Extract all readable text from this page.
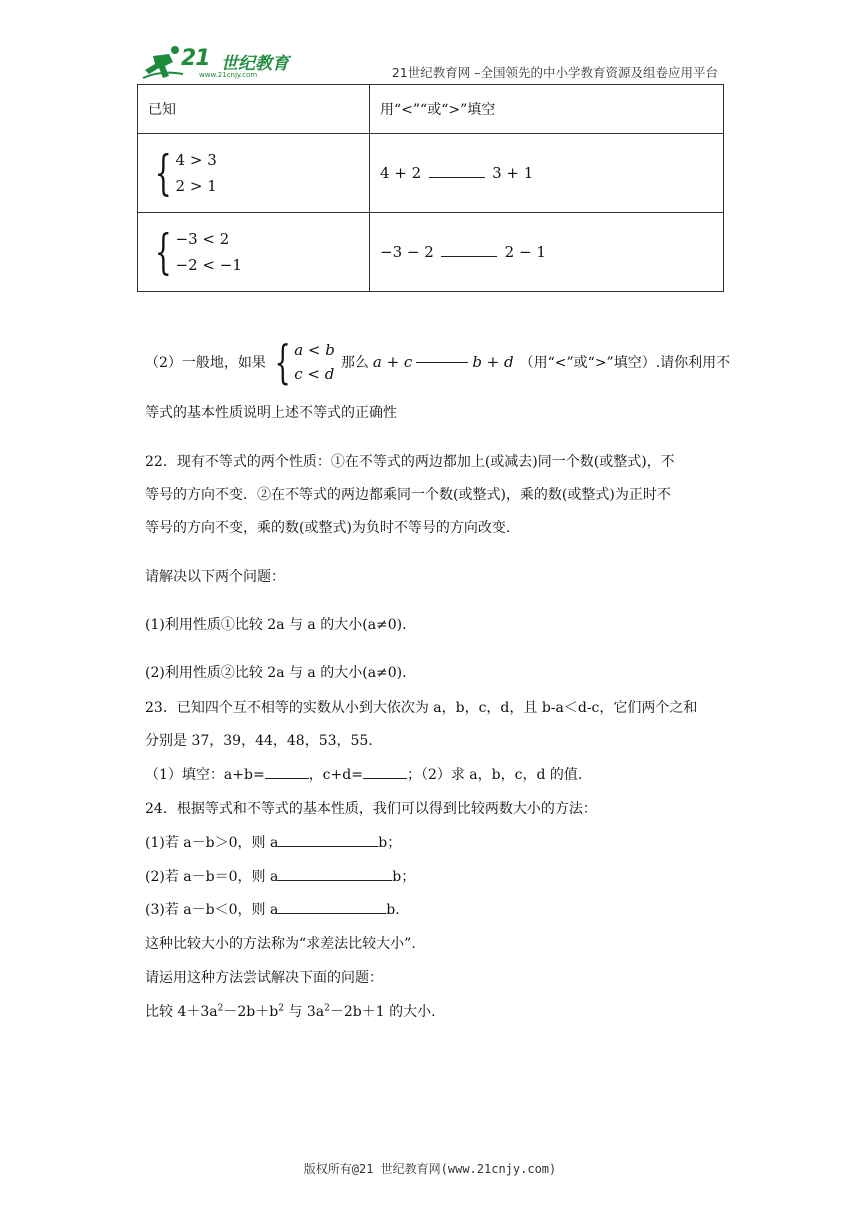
21 世纪教育
www.21cnjy.com	21世纪教育网 –全国领先的中小学教育资源及组卷应用平台
已知	用“<”“或“>”填空

{ 4 > 3
2 > 1	4 + 2 3 + 1

{ −3 < 2
−2 < −1	−3 − 2 2 − 1
（2）一般地，如果 { a < b
c < d
那么 a + c	b + d （用“<”或“>”填空）.请你利用不
等式的基本性质说明上述不等式的正确性
22．现有不等式的两个性质：①在不等式的两边都加上(或减去)同一个数(或整式)，不
等号的方向不变．②在不等式的两边都乘同一个数(或整式)，乘的数(或整式)为正时不
等号的方向不变，乘的数(或整式)为负时不等号的方向改变.
请解决以下两个问题：
(1)利用性质①比较 2a 与 a 的大小(a≠0).
(2)利用性质②比较 2a 与 a 的大小(a≠0).
23．已知四个互不相等的实数从小到大依次为 a，b，c，d，且 b-a＜d-c，它们两个之和
分别是 37，39，44，48，53，55.
（1）填空：a+b=	，c+d=	；（2）求 a，b，c，d 的值.
24．根据等式和不等式的基本性质，我们可以得到比较两数大小的方法：
(1)若 a－b＞0，则 a	b；
(2)若 a－b＝0，则 a	b；
(3)若 a－b＜0，则 a	b.
这种比较大小的方法称为“求差法比较大小”.
请运用这种方法尝试解决下面的问题：
比较 $4+3a^2-2b+b^2$ 与 $3a^2-2b+1$ 的大小.
版权所有@21 世纪教育网(www.21cnjy.com)
